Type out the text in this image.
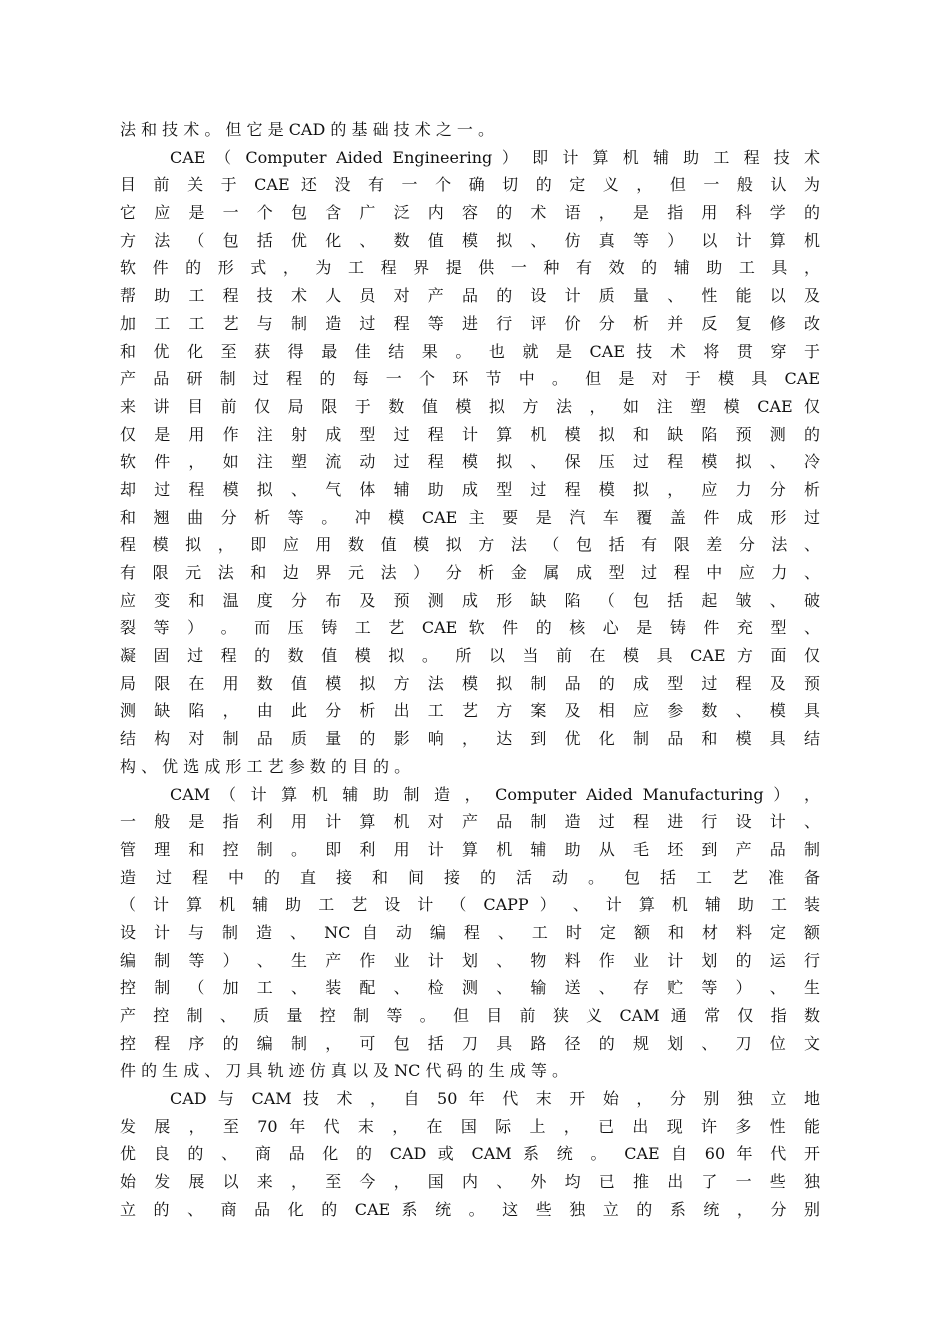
法 和 技 术 。 但 它 是 CAD 的 基 础 技 术 之 一 。
CAE （ Computer Aided Engineering ） 即 计 算 机 辅 助 工 程 技 术
目 前 关 于 CAE 还 没 有 一 个 确 切 的 定 义 ， 但 一 般 认 为
它 应 是 一 个 包 含 广 泛 内 容 的 术 语 ， 是 指 用 科 学 的
方 法 （ 包 括 优 化 、 数 值 模 拟 、 仿 真 等 ） 以 计 算 机
软 件 的 形 式 ， 为 工 程 界 提 供 一 种 有 效 的 辅 助 工 具 ，
帮 助 工 程 技 术 人 员 对 产 品 的 设 计 质 量 、 性 能 以 及
加 工 工 艺 与 制 造 过 程 等 进 行 评 价 分 析 并 反 复 修 改
和 优 化 至 获 得 最 佳 结 果 。 也 就 是 CAE 技 术 将 贯 穿 于
产 品 研 制 过 程 的 每 一 个 环 节 中 。 但 是 对 于 模 具 CAE
来 讲 目 前 仅 局 限 于 数 值 模 拟 方 法 ， 如 注 塑 模 CAE 仅
仅 是 用 作 注 射 成 型 过 程 计 算 机 模 拟 和 缺 陷 预 测 的
软 件 ， 如 注 塑 流 动 过 程 模 拟 、 保 压 过 程 模 拟 、 冷
却 过 程 模 拟 、 气 体 辅 助 成 型 过 程 模 拟 ， 应 力 分 析
和 翘 曲 分 析 等 。 冲 模 CAE 主 要 是 汽 车 覆 盖 件 成 形 过
程 模 拟 ， 即 应 用 数 值 模 拟 方 法 （ 包 括 有 限 差 分 法 、
有 限 元 法 和 边 界 元 法 ） 分 析 金 属 成 型 过 程 中 应 力 、
应 变 和 温 度 分 布 及 预 测 成 形 缺 陷 （ 包 括 起 皱 、 破
裂 等 ） 。 而 压 铸 工 艺 CAE 软 件 的 核 心 是 铸 件 充 型 、
凝 固 过 程 的 数 值 模 拟 。 所 以 当 前 在 模 具 CAE 方 面 仅
局 限 在 用 数 值 模 拟 方 法 模 拟 制 品 的 成 型 过 程 及 预
测 缺 陷 ， 由 此 分 析 出 工 艺 方 案 及 相 应 参 数 、 模 具
结 构 对 制 品 质 量 的 影 响 ， 达 到 优 化 制 品 和 模 具 结
构 、 优 选 成 形 工 艺 参 数 的 目 的 。
CAM （ 计 算 机 辅 助 制 造 ， Computer Aided Manufacturing ） ，
一 般 是 指 利 用 计 算 机 对 产 品 制 造 过 程 进 行 设 计 、
管 理 和 控 制 。 即 利 用 计 算 机 辅 助 从 毛 坯 到 产 品 制
造 过 程 中 的 直 接 和 间 接 的 活 动 。 包 括 工 艺 准 备
（ 计 算 机 辅 助 工 艺 设 计 （ CAPP ） 、 计 算 机 辅 助 工 装
设 计 与 制 造 、 NC 自 动 编 程 、 工 时 定 额 和 材 料 定 额
编 制 等 ） 、 生 产 作 业 计 划 、 物 料 作 业 计 划 的 运 行
控 制 （ 加 工 、 装 配 、 检 测 、 输 送 、 存 贮 等 ） 、 生
产 控 制 、 质 量 控 制 等 。 但 目 前 狭 义 CAM 通 常 仅 指 数
控 程 序 的 编 制 ， 可 包 括 刀 具 路 径 的 规 划 、 刀 位 文
件 的 生 成 、 刀 具 轨 迹 仿 真 以 及 NC 代 码 的 生 成 等 。
CAD 与 CAM 技 术 ， 自 50 年 代 末 开 始 ， 分 别 独 立 地
发 展 ， 至 70 年 代 末 ， 在 国 际 上 ， 已 出 现 许 多 性 能
优 良 的 、 商 品 化 的 CAD 或 CAM 系 统 。 CAE 自 60 年 代 开
始 发 展 以 来 ， 至 今 ， 国 内 、 外 均 已 推 出 了 一 些 独
立 的 、 商 品 化 的 CAE 系 统 。 这 些 独 立 的 系 统 ， 分 别
